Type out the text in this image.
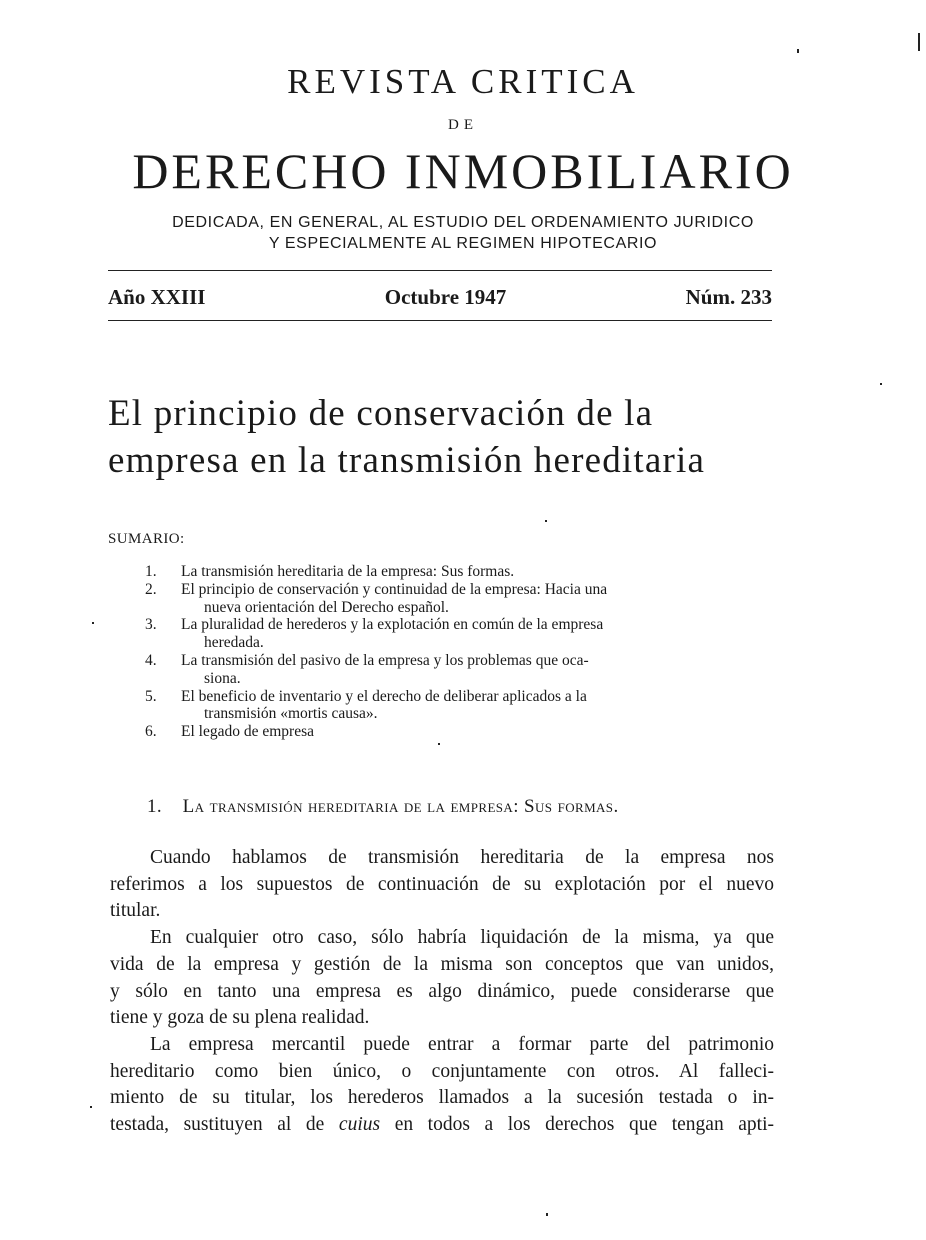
REVISTA CRITICA
DE
DERECHO INMOBILIARIO
DEDICADA, EN GENERAL, AL ESTUDIO DEL ORDENAMIENTO JURIDICO
Y ESPECIALMENTE AL REGIMEN HIPOTECARIO
Año XXIII	Octubre 1947	Núm. 233
El principio de conservación de la
empresa en la transmisión hereditaria
SUMARIO:
1. La transmisión hereditaria de la empresa: Sus formas.
2. El principio de conservación y continuidad de la empresa: Hacia una
nueva orientación del Derecho español.
3. La pluralidad de herederos y la explotación en común de la empresa
heredada.
4. La transmisión del pasivo de la empresa y los problemas que oca-
siona.
5. El beneficio de inventario y el derecho de deliberar aplicados a la
transmisión «mortis causa».
6. El legado de empresa
1. La transmisión hereditaria de la empresa: Sus formas.

Cuando hablamos de transmisión hereditaria de la empresa nos
referimos a los supuestos de continuación de su explotación por el nuevo
titular.

En cualquier otro caso, sólo habría liquidación de la misma, ya que
vida de la empresa y gestión de la misma son conceptos que van unidos,
y sólo en tanto una empresa es algo dinámico, puede considerarse que
tiene y goza de su plena realidad.

La empresa mercantil puede entrar a formar parte del patrimonio
hereditario como bien único, o conjuntamente con otros. Al falleci-
miento de su titular, los herederos llamados a la sucesión testada o in-
testada, sustituyen al de cuius en todos a los derechos que tengan apti-
